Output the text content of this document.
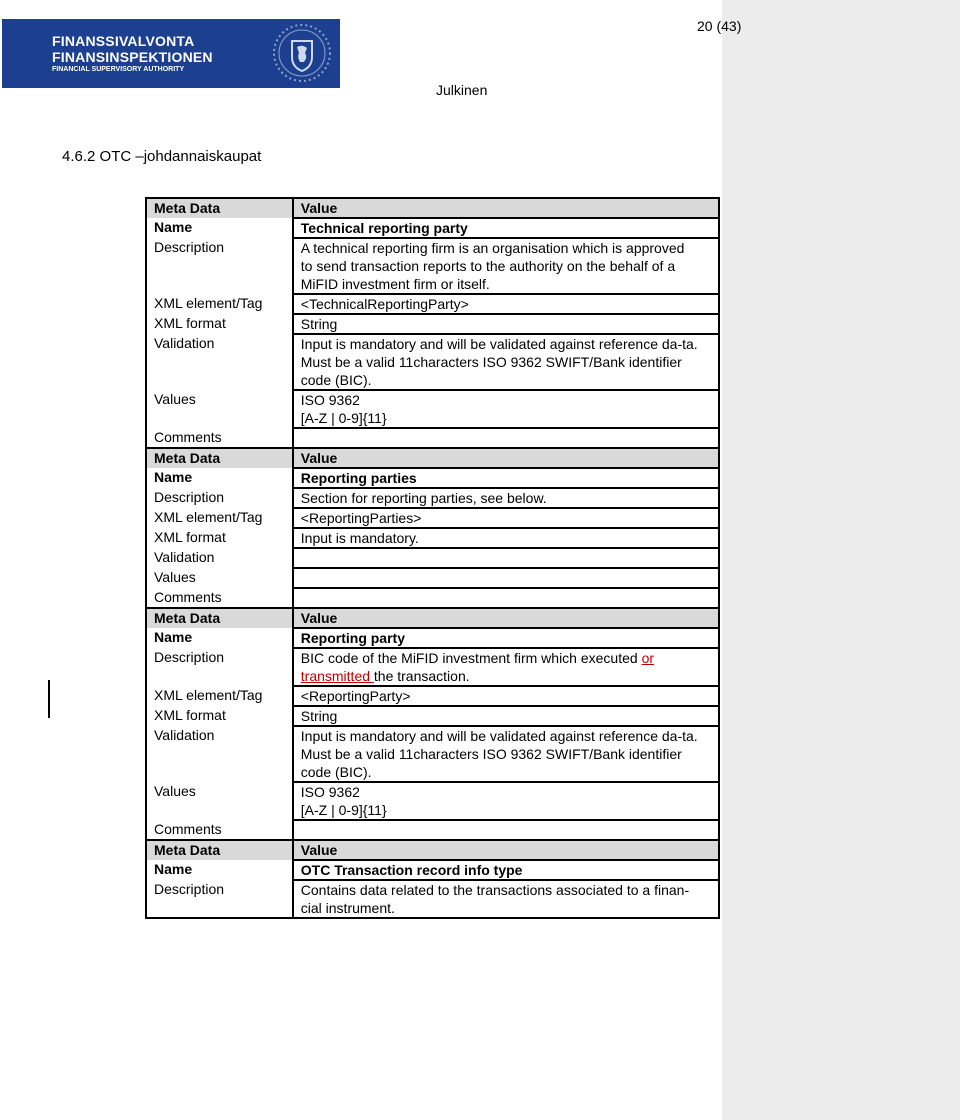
FINANSSIVALVONTA
FINANSINSPEKTIONEN
FINANCIAL SUPERVISORY AUTHORITY
20 (43)
Julkinen
4.6.2 OTC –johdannaiskaupat
Meta Data	Value
Name	Technical reporting party
Description	A technical reporting firm is an organisation which is approved to send transaction reports to the authority on the behalf of a MiFID investment firm or itself.
XML element/Tag	<TechnicalReportingParty>
XML format	String
Validation	Input is mandatory and will be validated against reference da-ta.
Must be a valid 11characters ISO 9362 SWIFT/Bank identifier code (BIC).

Values	ISO 9362
[A-Z | 0-9]{11}

Comments	
Meta Data	Value
Name	Reporting parties
Description	Section for reporting parties, see below.
XML element/Tag	<ReportingParties>
XML format	Input is mandatory.
Validation	
Values	
Comments	
Meta Data	Value
Name	Reporting party
Description	BIC code of the MiFID investment firm which executed or transmitted the transaction.
XML element/Tag	<ReportingParty>
XML format	String
Validation	Input is mandatory and will be validated against reference da-ta.
Must be a valid 11characters ISO 9362 SWIFT/Bank identifier code (BIC).

Values	ISO 9362
[A-Z | 0-9]{11}

Comments	
Meta Data	Value
Name	OTC Transaction record info type
Description	Contains data related to the transactions associated to a finan-cial instrument.
